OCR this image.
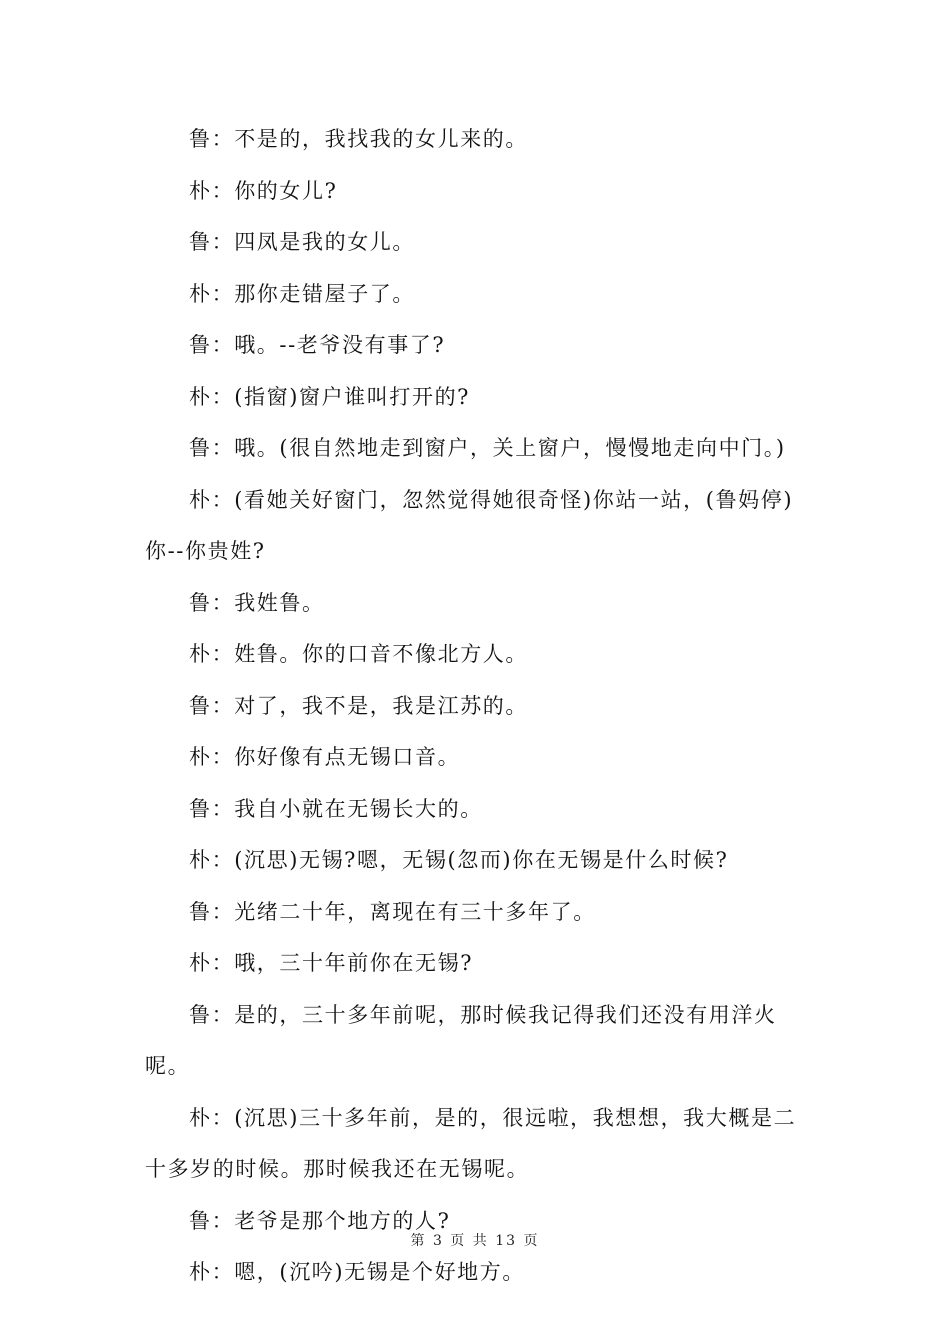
鲁：不是的，我找我的女儿来的。

朴：你的女儿?

鲁：四凤是我的女儿。

朴：那你走错屋子了。

鲁：哦。--老爷没有事了?

朴：(指窗)窗户谁叫打开的?

鲁：哦。(很自然地走到窗户，关上窗户，慢慢地走向中门。)

朴：(看她关好窗门，忽然觉得她很奇怪)你站一站，(鲁妈停)你--你贵姓?

鲁：我姓鲁。

朴：姓鲁。你的口音不像北方人。

鲁：对了，我不是，我是江苏的。

朴：你好像有点无锡口音。

鲁：我自小就在无锡长大的。

朴：(沉思)无锡?嗯，无锡(忽而)你在无锡是什么时候?

鲁：光绪二十年，离现在有三十多年了。

朴：哦，三十年前你在无锡?

鲁：是的，三十多年前呢，那时候我记得我们还没有用洋火呢。

朴：(沉思)三十多年前，是的，很远啦，我想想，我大概是二十多岁的时候。那时候我还在无锡呢。

鲁：老爷是那个地方的人?

朴：嗯，(沉吟)无锡是个好地方。

第 3 页 共 13 页
